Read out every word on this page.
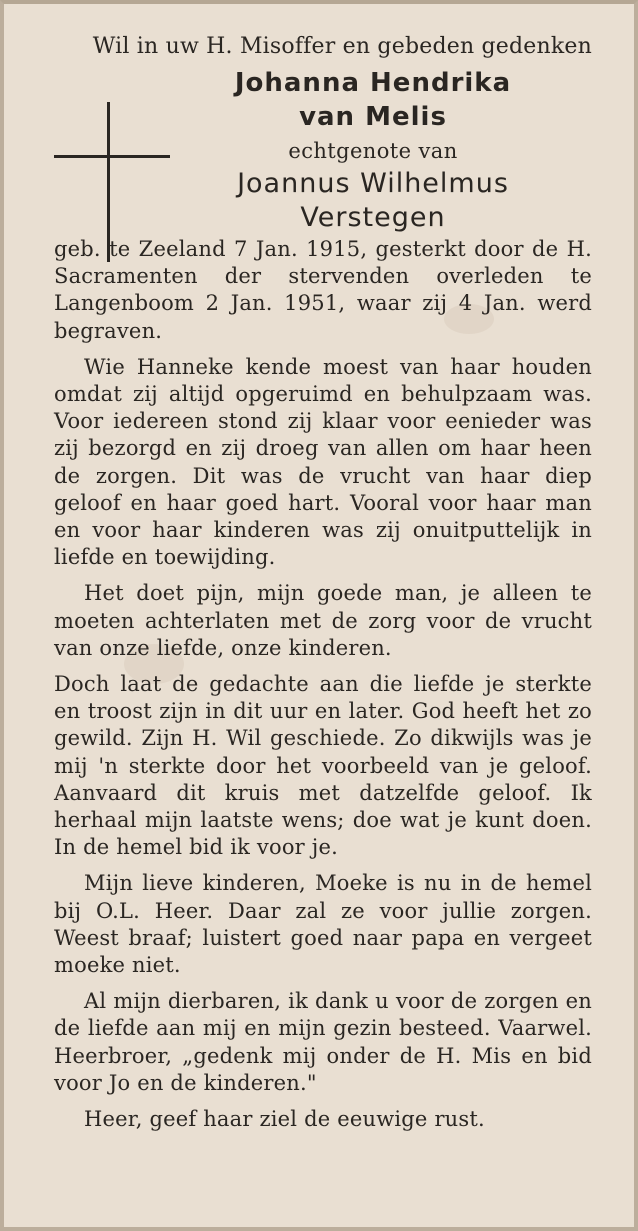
Wil in uw H. Misoffer en gebeden gedenken

Johanna Hendrika

van Melis

echtgenote van

Joannus Wilhelmus

Verstegen

geb. te Zeeland 7 Jan. 1915, gesterkt door de H. Sacramenten der stervenden overleden te Langenboom 2 Jan. 1951, waar zij 4 Jan. werd begraven.

Wie Hanneke kende moest van haar houden omdat zij altijd opgeruimd en behulpzaam was. Voor iedereen stond zij klaar voor eenieder was zij bezorgd en zij droeg van allen om haar heen de zorgen. Dit was de vrucht van haar diep geloof en haar goed hart. Vooral voor haar man en voor haar kinderen was zij onuitputtelijk in liefde en toewijding.

Het doet pijn, mijn goede man, je alleen te moeten achterlaten met de zorg voor de vrucht van onze liefde, onze kinderen.

Doch laat de gedachte aan die liefde je sterkte en troost zijn in dit uur en later. God heeft het zo gewild. Zijn H. Wil geschiede. Zo dikwijls was je mij 'n sterkte door het voorbeeld van je geloof. Aanvaard dit kruis met datzelfde geloof. Ik herhaal mijn laatste wens; doe wat je kunt doen. In de hemel bid ik voor je.

Mijn lieve kinderen, Moeke is nu in de hemel bij O.L. Heer. Daar zal ze voor jullie zorgen. Weest braaf; luistert goed naar papa en vergeet moeke niet.

Al mijn dierbaren, ik dank u voor de zorgen en de liefde aan mij en mijn gezin besteed. Vaarwel. Heerbroer, „gedenk mij onder de H. Mis en bid voor Jo en de kinderen."

Heer, geef haar ziel de eeuwige rust.
